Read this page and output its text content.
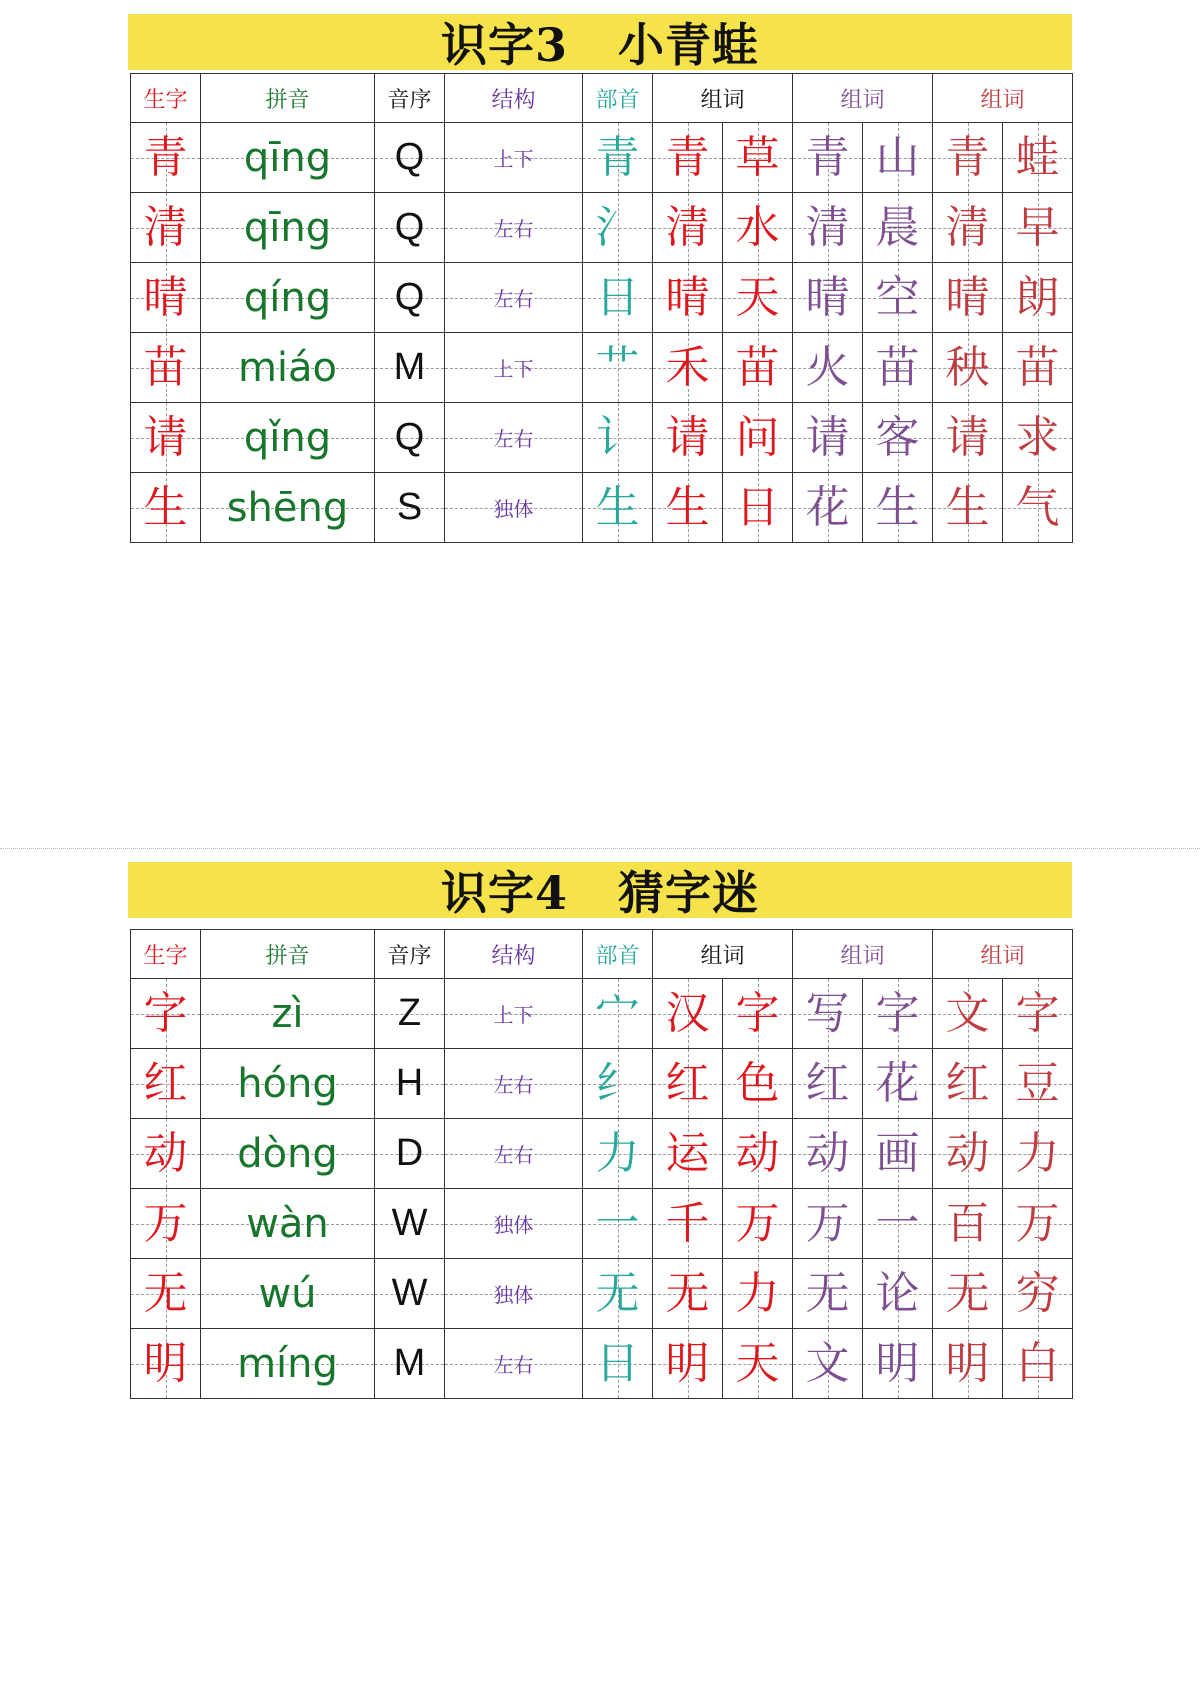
识字3 小青蛙
生字	拼音	音序	结构	部首	组词		组词		组词	
青	qīng	Q	上下	青	青	草	青	山	青	蛙
清	qīng	Q	左右	氵	清	水	清	晨	清	早
晴	qíng	Q	左右	日	晴	天	晴	空	晴	朗
苗	miáo	M	上下	艹	禾	苗	火	苗	秧	苗
请	qǐng	Q	左右	讠	请	问	请	客	请	求
生	shēng	S	独体	生	生	日	花	生	生	气
识字4 猜字迷
生字	拼音	音序	结构	部首	组词		组词		组词	
字	zì	Z	上下	宀	汉	字	写	字	文	字
红	hóng	H	左右	纟	红	色	红	花	红	豆
动	dòng	D	左右	力	运	动	动	画	动	力
万	wàn	W	独体	一	千	万	万	一	百	万
无	wú	W	独体	无	无	力	无	论	无	穷
明	míng	M	左右	日	明	天	文	明	明	白
